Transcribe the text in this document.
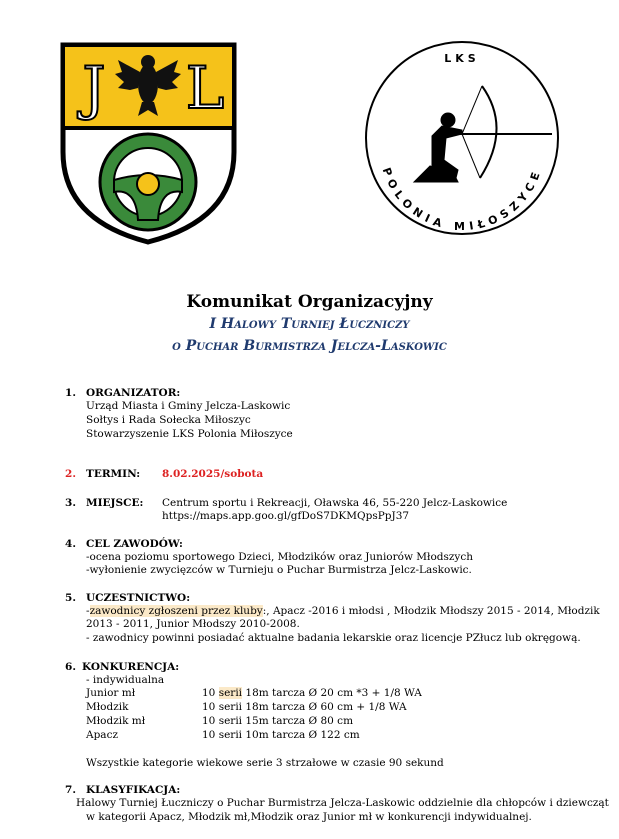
J L	LKS
POLONIA MIŁOSZYCE
Komunikat Organizacyjny
I Halowy Turniej Łuczniczy
o Puchar Burmistrza Jelcza-Laskowic
1. ORGANIZATOR:
Urząd Miasta i Gminy Jelcza-Laskowic
Sołtys i Rada Sołecka Miłoszyc
Stowarzyszenie LKS Polonia Miłoszyce
2. TERMIN: 8.02.2025/sobota
3. MIEJSCE: Centrum sportu i Rekreacji, Oławska 46, 55-220 Jelcz-Laskowice
https://maps.app.goo.gl/gfDoS7DKMQpsPpJ37
4. CEL ZAWODÓW:
-ocena poziomu sportowego Dzieci, Młodzików oraz Juniorów Młodszych
-wyłonienie zwycięzców w Turnieju o Puchar Burmistrza Jelcz-Laskowic.
5. UCZESTNICTWO:
-zawodnicy zgłoszeni przez kluby:, Apacz -2016 i młodsi , Młodzik Młodszy 2015 - 2014, Młodzik
2013 - 2011, Junior Młodszy 2010-2008.
- zawodnicy powinni posiadać aktualne badania lekarskie oraz licencje PZłucz lub okręgową.
6. KONKURENCJA:
- indywidualna
Junior mł	10 serii 18m tarcza Ø 20 cm *3 + 1/8 WA
Młodzik	10 serii 18m tarcza Ø 60 cm + 1/8 WA
Młodzik mł	10 serii 15m tarcza Ø 80 cm
Apacz	10 serii 10m tarcza Ø 122 cm
Wszystkie kategorie wiekowe serie 3 strzałowe w czasie 90 sekund
7. KLASYFIKACJA:
Halowy Turniej Łuczniczy o Puchar Burmistrza Jelcza-Laskowic oddzielnie dla chłopców i dziewcząt
w kategorii Apacz, Młodzik mł,Młodzik oraz Junior mł w konkurencji indywidualnej.
